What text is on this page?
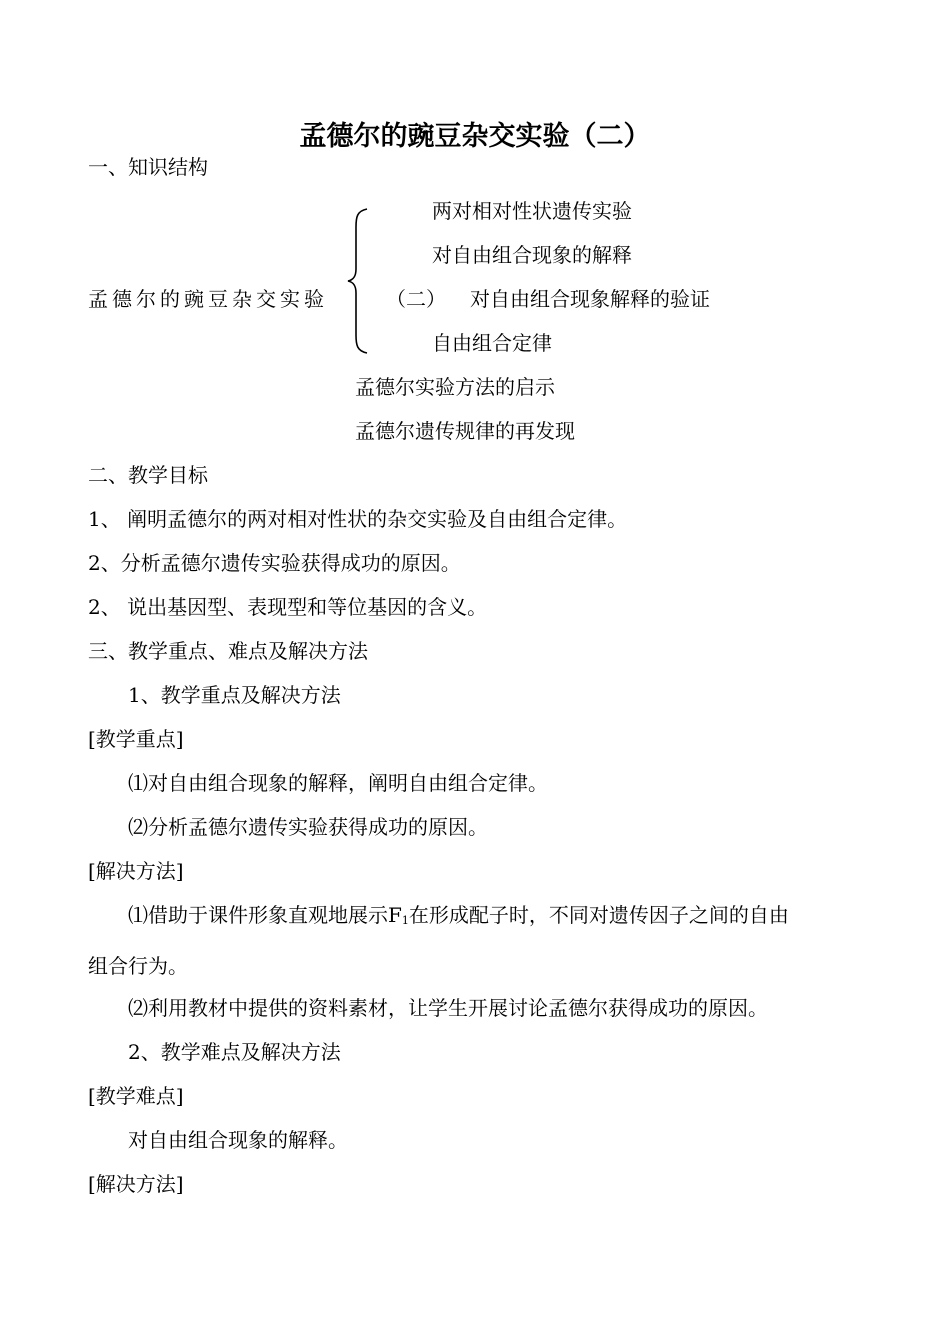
孟德尔的豌豆杂交实验（二）
一、知识结构
两对相对性状遗传实验
对自由组合现象的解释
孟德尔的豌豆杂交实验	（二） 对自由组合现象解释的验证
自由组合定律
孟德尔实验方法的启示
孟德尔遗传规律的再发现
二、教学目标
1、 阐明孟德尔的两对相对性状的杂交实验及自由组合定律。
2、分析孟德尔遗传实验获得成功的原因。
2、 说出基因型、表现型和等位基因的含义。
三、教学重点、难点及解决方法
1、教学重点及解决方法
[教学重点]
⑴对自由组合现象的解释，阐明自由组合定律。
⑵分析孟德尔遗传实验获得成功的原因。
[解决方法]
⑴借助于课件形象直观地展示$F_1$在形成配子时，不同对遗传因子之间的自由
组合行为。
⑵利用教材中提供的资料素材，让学生开展讨论孟德尔获得成功的原因。
2、教学难点及解决方法
[教学难点]
对自由组合现象的解释。
[解决方法]
